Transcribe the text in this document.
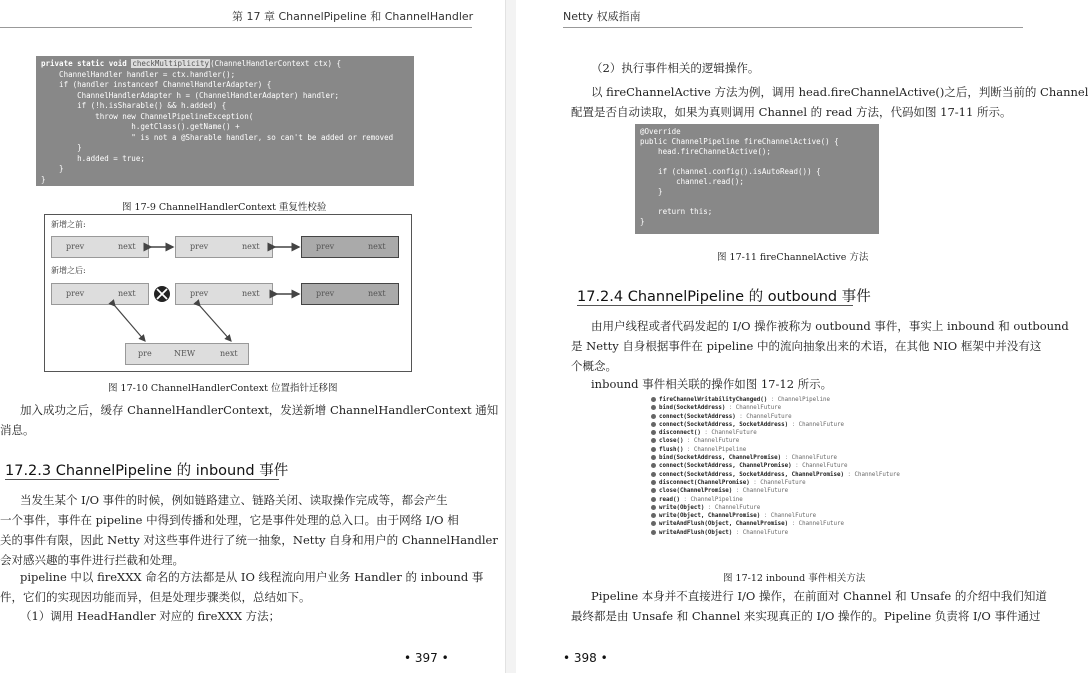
第 17 章 ChannelPipeline 和 ChannelHandler
private static void checkMultiplicity(ChannelHandlerContext ctx) {
ChannelHandler handler = ctx.handler();
if (handler instanceof ChannelHandlerAdapter) {
ChannelHandlerAdapter h = (ChannelHandlerAdapter) handler;
if (!h.isSharable() && h.added) {
throw new ChannelPipelineException(
h.getClass().getName() +
" is not a @Sharable handler, so can't be added or removed
}
h.added = true;
}
}
图 17-9 ChannelHandlerContext 重复性校验
新增之前:
prev	next	prev	next	prev	next
新增之后:
prev	next	prev	next	prev	next
pre	NEW	next
图 17-10 ChannelHandlerContext 位置指针迁移图
加入成功之后，缓存 ChannelHandlerContext，发送新增 ChannelHandlerContext 通知
消息。
17.2.3 ChannelPipeline 的 inbound 事件
当发生某个 I/O 事件的时候，例如链路建立、链路关闭、读取操作完成等，都会产生
一个事件，事件在 pipeline 中得到传播和处理，它是事件处理的总入口。由于网络 I/O 相
关的事件有限，因此 Netty 对这些事件进行了统一抽象，Netty 自身和用户的 ChannelHandler
会对感兴趣的事件进行拦截和处理。
pipeline 中以 fireXXX 命名的方法都是从 IO 线程流向用户业务 Handler 的 inbound 事
件，它们的实现因功能而异，但是处理步骤类似，总结如下。
（1）调用 HeadHandler 对应的 fireXXX 方法；
• 397 •
Netty 权威指南
（2）执行事件相关的逻辑操作。
以 fireChannelActive 方法为例，调用 head.fireChannelActive()之后，判断当前的 Channel
配置是否自动读取，如果为真则调用 Channel 的 read 方法，代码如图 17-11 所示。
@Override
public ChannelPipeline fireChannelActive() {
head.fireChannelActive();
if (channel.config().isAutoRead()) {
channel.read();
}
return this;
}
图 17-11 fireChannelActive 方法
17.2.4 ChannelPipeline 的 outbound 事件
由用户线程或者代码发起的 I/O 操作被称为 outbound 事件，事实上 inbound 和 outbound
是 Netty 自身根据事件在 pipeline 中的流向抽象出来的术语，在其他 NIO 框架中并没有这
个概念。
inbound 事件相关联的操作如图 17-12 所示。
fireChannelWritabilityChanged() : ChannelPipeline
bind(SocketAddress) : ChannelFuture
connect(SocketAddress) : ChannelFuture
connect(SocketAddress, SocketAddress) : ChannelFuture
disconnect() : ChannelFuture
close() : ChannelFuture
flush() : ChannelPipeline
bind(SocketAddress, ChannelPromise) : ChannelFuture
connect(SocketAddress, ChannelPromise) : ChannelFuture
connect(SocketAddress, SocketAddress, ChannelPromise) : ChannelFuture
disconnect(ChannelPromise) : ChannelFuture
close(ChannelPromise) : ChannelFuture
read() : ChannelPipeline
write(Object) : ChannelFuture
write(Object, ChannelPromise) : ChannelFuture
writeAndFlush(Object, ChannelPromise) : ChannelFuture
writeAndFlush(Object) : ChannelFuture
图 17-12 inbound 事件相关方法
Pipeline 本身并不直接进行 I/O 操作，在前面对 Channel 和 Unsafe 的介绍中我们知道
最终都是由 Unsafe 和 Channel 来实现真正的 I/O 操作的。Pipeline 负责将 I/O 事件通过
• 398 •
